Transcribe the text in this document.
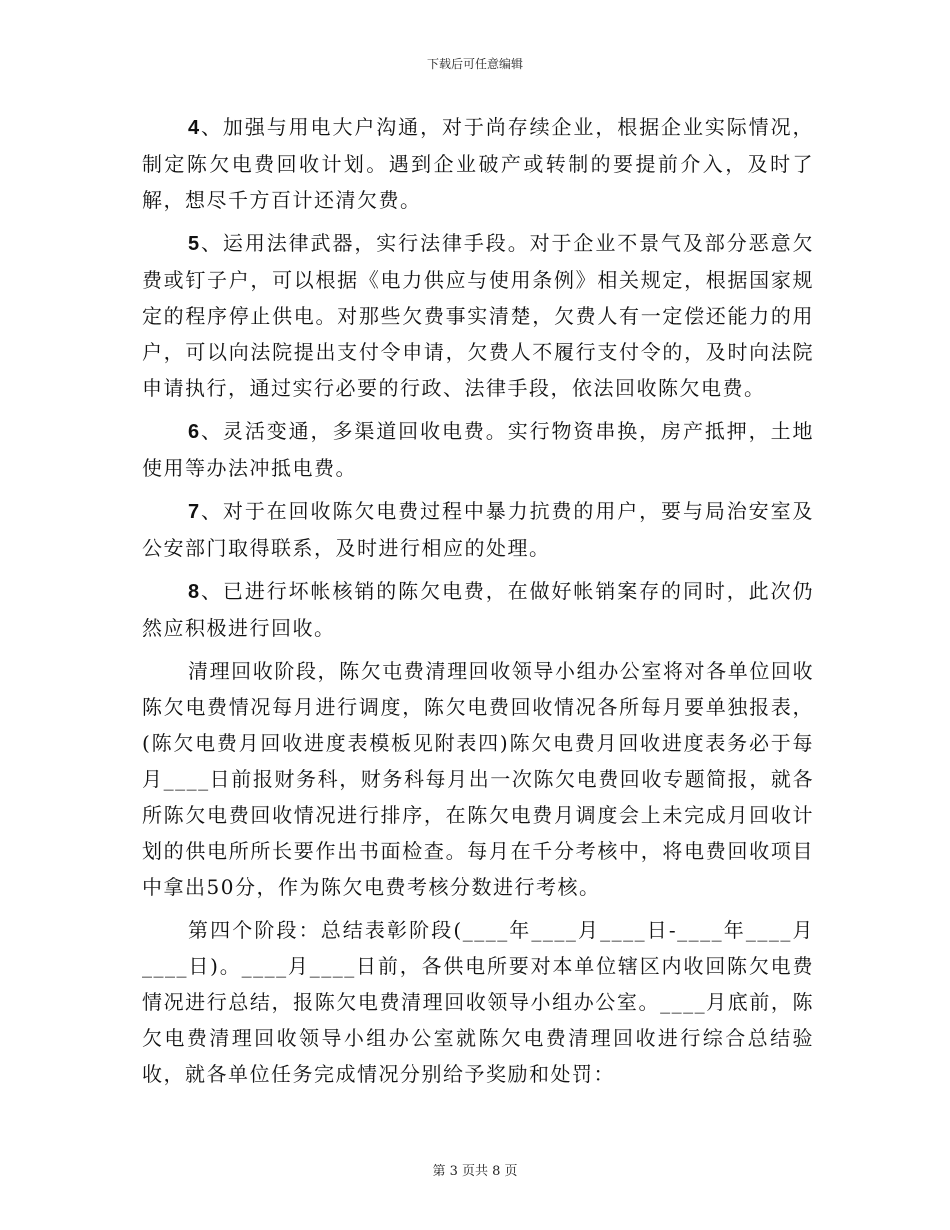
下载后可任意编辑

4、加强与用电大户沟通，对于尚存续企业，根据企业实际情况，制定陈欠电费回收计划。遇到企业破产或转制的要提前介入，及时了解，想尽千方百计还清欠费。

5、运用法律武器，实行法律手段。对于企业不景气及部分恶意欠费或钉子户，可以根据《电力供应与使用条例》相关规定，根据国家规定的程序停止供电。对那些欠费事实清楚，欠费人有一定偿还能力的用户，可以向法院提出支付令申请，欠费人不履行支付令的，及时向法院申请执行，通过实行必要的行政、法律手段，依法回收陈欠电费。

6、灵活变通，多渠道回收电费。实行物资串换，房产抵押，土地使用等办法冲抵电费。

7、对于在回收陈欠电费过程中暴力抗费的用户，要与局治安室及公安部门取得联系，及时进行相应的处理。

8、已进行坏帐核销的陈欠电费，在做好帐销案存的同时，此次仍然应积极进行回收。

清理回收阶段，陈欠屯费清理回收领导小组办公室将对各单位回收陈欠电费情况每月进行调度，陈欠电费回收情况各所每月要单独报表，(陈欠电费月回收进度表模板见附表四)陈欠电费月回收进度表务必于每月____日前报财务科，财务科每月出一次陈欠电费回收专题简报，就各所陈欠电费回收情况进行排序，在陈欠电费月调度会上未完成月回收计划的供电所所长要作出书面检查。每月在千分考核中，将电费回收项目中拿出50分，作为陈欠电费考核分数进行考核。

第四个阶段：总结表彰阶段(____年____月____日-____年____月____日)。____月____日前，各供电所要对本单位辖区内收回陈欠电费情况进行总结，报陈欠电费清理回收领导小组办公室。____月底前，陈欠电费清理回收领导小组办公室就陈欠电费清理回收进行综合总结验收，就各单位任务完成情况分别给予奖励和处罚：

第 3 页共 8 页
